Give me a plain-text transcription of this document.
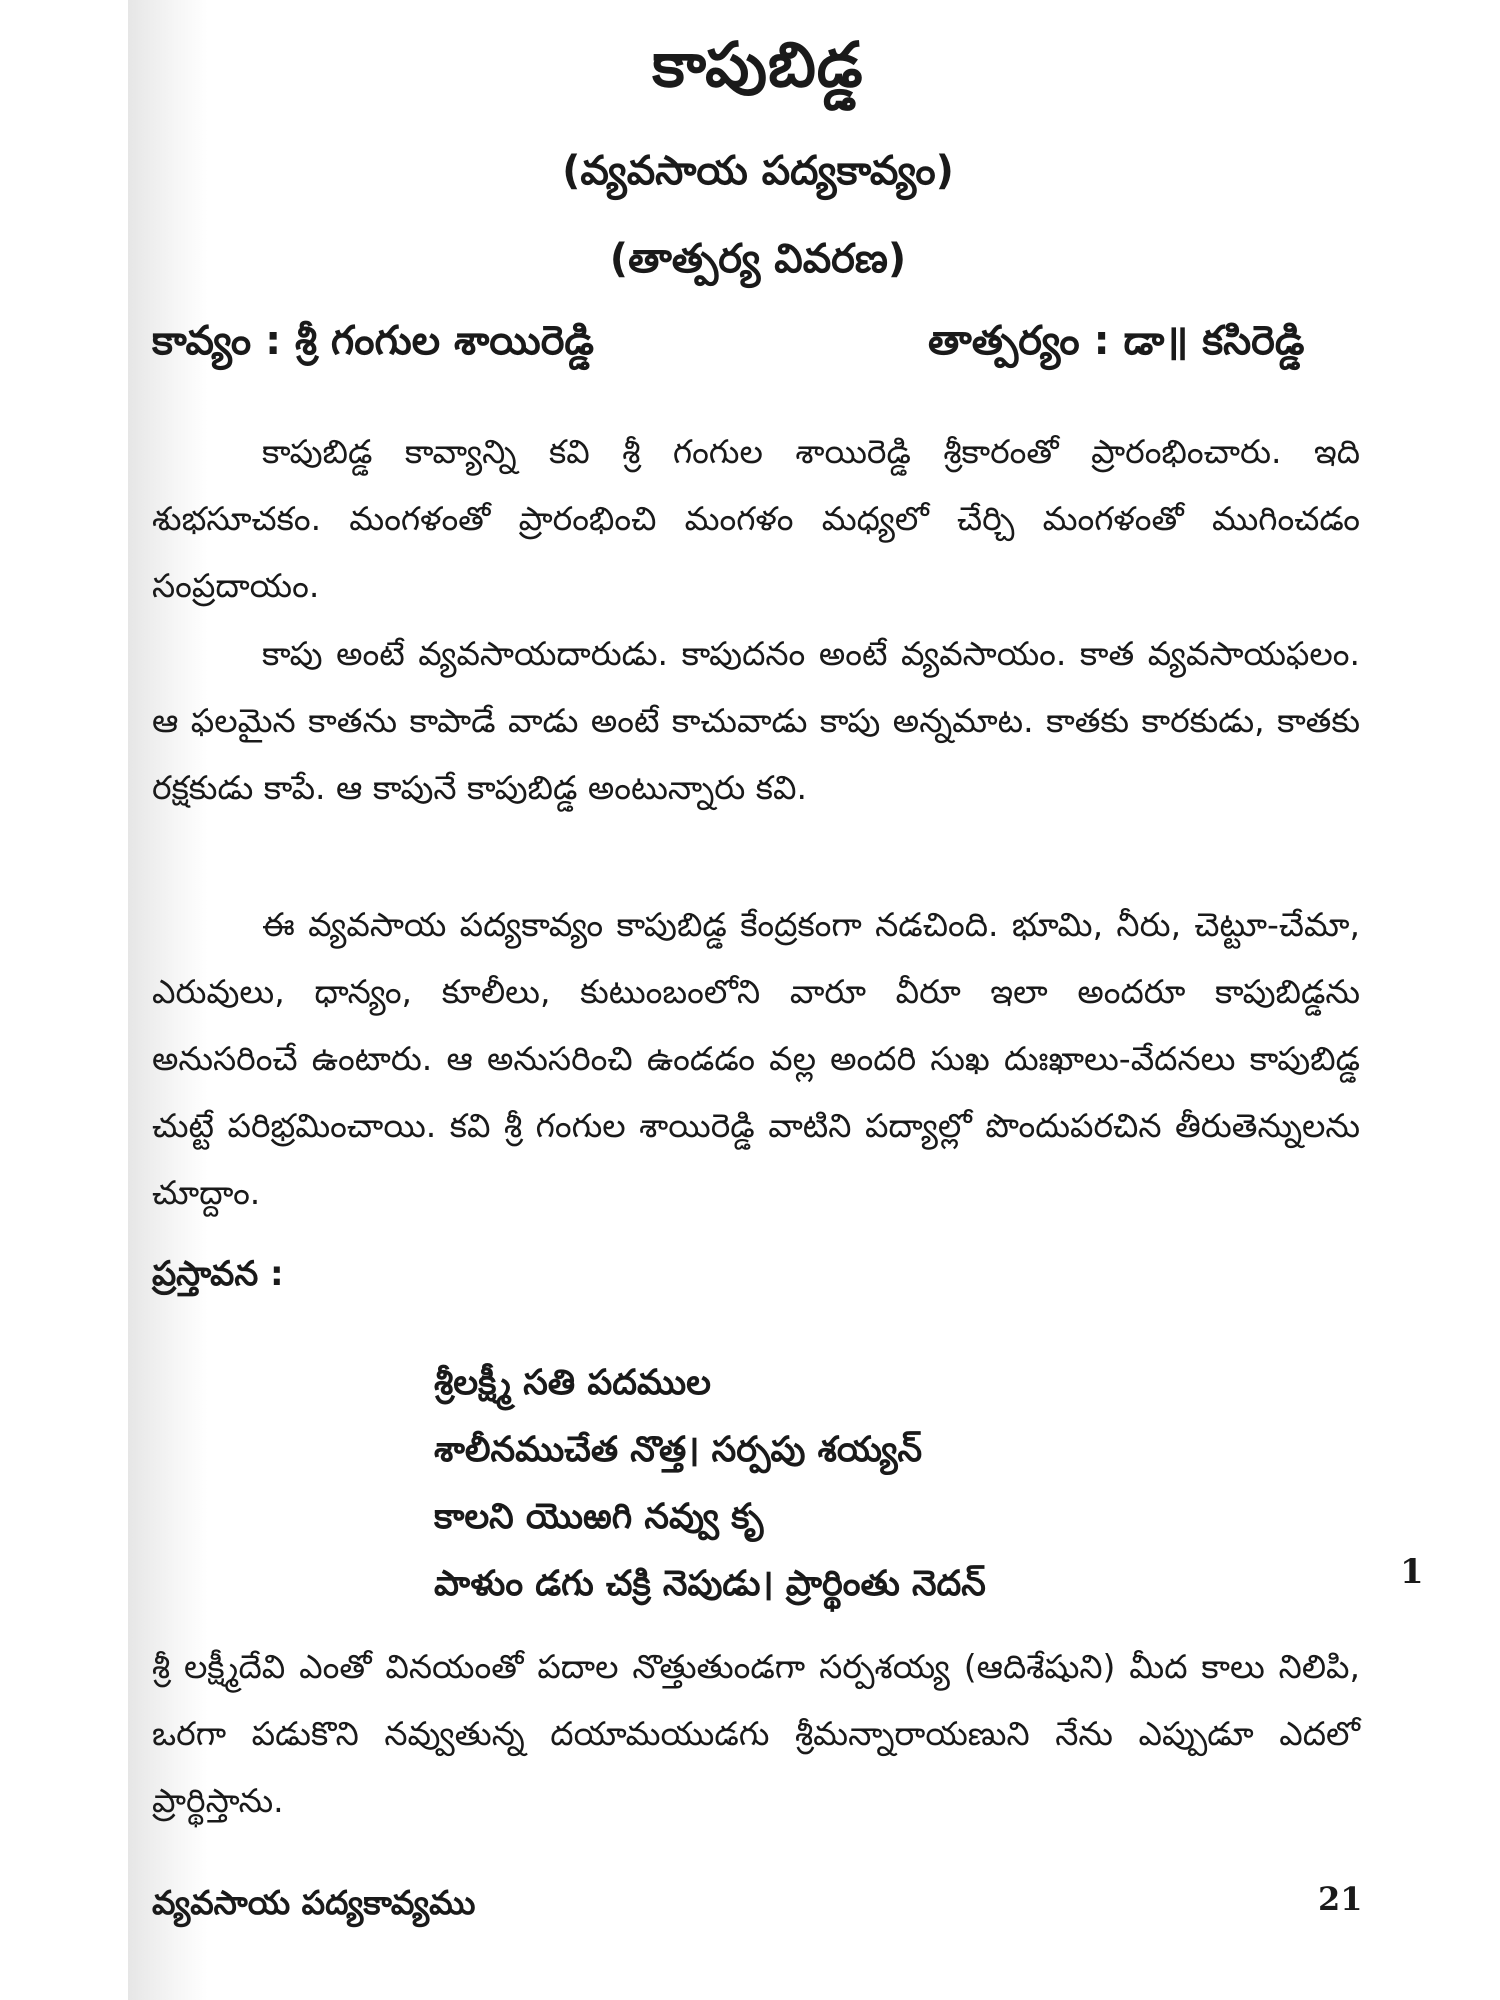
కాపుబిడ్డ
(వ్యవసాయ పద్యకావ్యం)
(తాత్పర్య వివరణ)
కావ్యం : శ్రీ గంగుల శాయిరెడ్డి	తాత్పర్యం : డా॥ కసిరెడ్డి

కాపుబిడ్డ కావ్యాన్ని కవి శ్రీ గంగుల శాయిరెడ్డి శ్రీకారంతో ప్రారంభించారు. ఇది శుభసూచకం. మంగళంతో ప్రారంభించి మంగళం మధ్యలో చేర్చి మంగళంతో ముగించడం సంప్రదాయం.

కాపు అంటే వ్యవసాయదారుడు. కాపుదనం అంటే వ్యవసాయం. కాత వ్యవసాయఫలం. ఆ ఫలమైన కాతను కాపాడే వాడు అంటే కాచువాడు కాపు అన్నమాట. కాతకు కారకుడు, కాతకు రక్షకుడు కాపే. ఆ కాపునే కాపుబిడ్డ అంటున్నారు కవి.

ఈ వ్యవసాయ పద్యకావ్యం కాపుబిడ్డ కేంద్రకంగా నడచింది. భూమి, నీరు, చెట్టూ-చేమా, ఎరువులు, ధాన్యం, కూలీలు, కుటుంబంలోని వారూ వీరూ ఇలా అందరూ కాపుబిడ్డను అనుసరించే ఉంటారు. ఆ అనుసరించి ఉండడం వల్ల అందరి సుఖ దుఃఖాలు-వేదనలు కాపుబిడ్డ చుట్టే పరిభ్రమించాయి. కవి శ్రీ గంగుల శాయిరెడ్డి వాటిని పద్యాల్లో పొందుపరచిన తీరుతెన్నులను చూద్దాం.

ప్రస్తావన :
శ్రీలక్ష్మీ సతి పదముల
శాలీనముచేత నొత్త। సర్పపు శయ్యన్
కాలని యొఱగి నవ్వు కృ
పాళుం డగు చక్రి నెపుడు। ప్రార్థింతు నెదన్	1

శ్రీ లక్ష్మీదేవి ఎంతో వినయంతో పదాల నొత్తుతుండగా సర్పశయ్య (ఆదిశేషుని) మీద కాలు నిలిపి, ఒరగా పడుకొని నవ్వుతున్న దయామయుడగు శ్రీమన్నారాయణుని నేను ఎప్పుడూ ఎదలో ప్రార్థిస్తాను.

వ్యవసాయ పద్యకావ్యము	21
